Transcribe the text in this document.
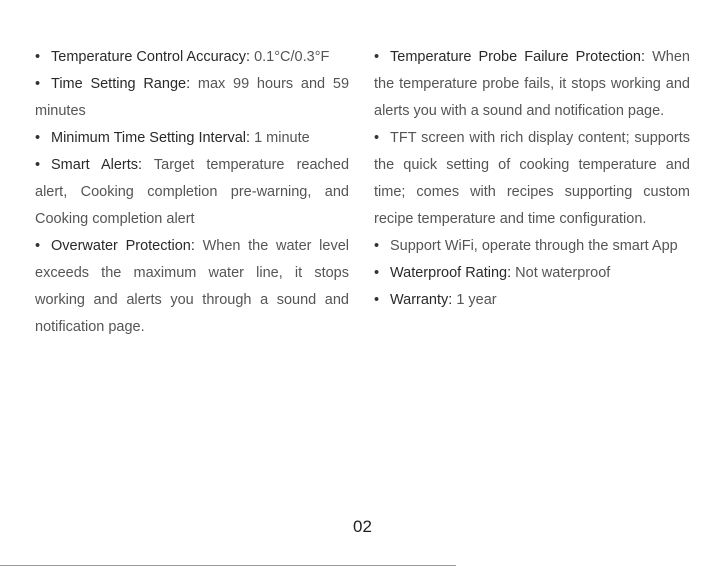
• Temperature Control Accuracy: 0.1°C/0.3°F

• Time Setting Range: max 99 hours and 59 minutes

• Minimum Time Setting Interval: 1 minute

• Smart Alerts: Target temperature reached alert, Cooking completion pre-warning, and Cooking completion alert

• Overwater Protection: When the water level exceeds the maximum water line, it stops working and alerts you through a sound and notification page.

• Temperature Probe Failure Protection: When the temperature probe fails, it stops working and alerts you with a sound and notification page.

• TFT screen with rich display content; supports the quick setting of cooking temperature and time; comes with recipes supporting custom recipe temperature and time configuration.

• Support WiFi, operate through the smart App

• Waterproof Rating: Not waterproof

• Warranty: 1 year

02
